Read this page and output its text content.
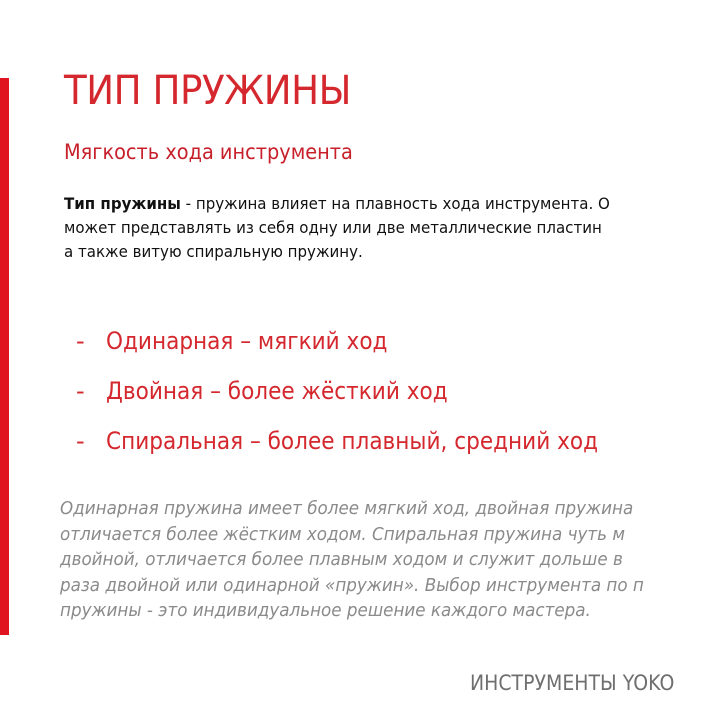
ТИП ПРУЖИНЫ
Мягкость хода инструмента

Тип пружины - пружина влияет на плавность хода инструмента. О
может представлять из себя одну или две металлические пластин
а также витую спиральную пружину.

- Одинарная – мягкий ход
- Двойная – более жёсткий ход
- Спиральная – более плавный, средний ход

Одинарная пружина имеет более мягкий ход, двойная пружина
отличается более жёстким ходом. Спиральная пружина чуть м
двойной, отличается более плавным ходом и служит дольше в
раза двойной или одинарной «пружин». Выбор инструмента по п
пружины - это индивидуальное решение каждого мастера.

ИНСТРУМЕНТЫ YOKO
